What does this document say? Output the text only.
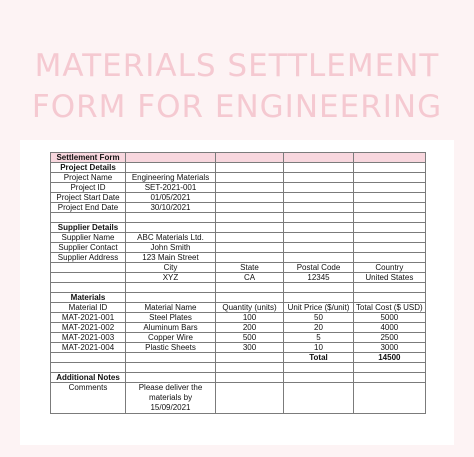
MATERIALS SETTLEMENT
FORM FOR ENGINEERING
Settlement Form				
Project Details				
Project Name	Engineering Materials			
Project ID	SET-2021-001			
Project Start Date	01/05/2021			
Project End Date	30/10/2021			

Supplier Details				
Supplier Name	ABC Materials Ltd.			
Supplier Contact	John Smith			
Supplier Address	123 Main Street			
	City	State	Postal Code	Country
	XYZ	CA	12345	United States

Materials				
Material ID	Material Name	Quantity (units)	Unit Price ($/unit)	Total Cost ($ USD)
MAT-2021-001	Steel Plates	100	50	5000
MAT-2021-002	Aluminum Bars	200	20	4000
MAT-2021-003	Copper Wire	500	5	2500
MAT-2021-004	Plastic Sheets	300	10	3000
			Total	14500

Additional Notes				
Comments	Please deliver the
materials by 15/09/2021			
